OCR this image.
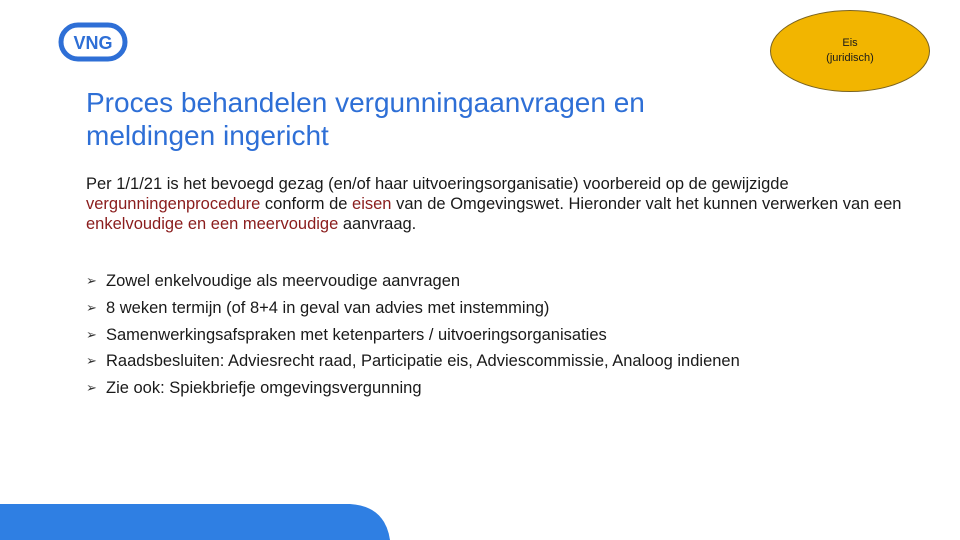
VNG	Eis
(juridisch)
Proces behandelen vergunningaanvragen en
meldingen ingericht

Per 1/1/21 is het bevoegd gezag (en/of haar uitvoeringsorganisatie) voorbereid op de gewijzigde vergunningenprocedure conform de eisen van de Omgevingswet. Hieronder valt het kunnen verwerken van een enkelvoudige en een meervoudige aanvraag.

➢ Zowel enkelvoudige als meervoudige aanvragen
➢ 8 weken termijn (of 8+4 in geval van advies met instemming)
➢ Samenwerkingsafspraken met ketenparters / uitvoeringsorganisaties
➢ Raadsbesluiten: Adviesrecht raad, Participatie eis, Adviescommissie, Analoog indienen
➢ Zie ook: Spiekbriefje omgevingsvergunning
